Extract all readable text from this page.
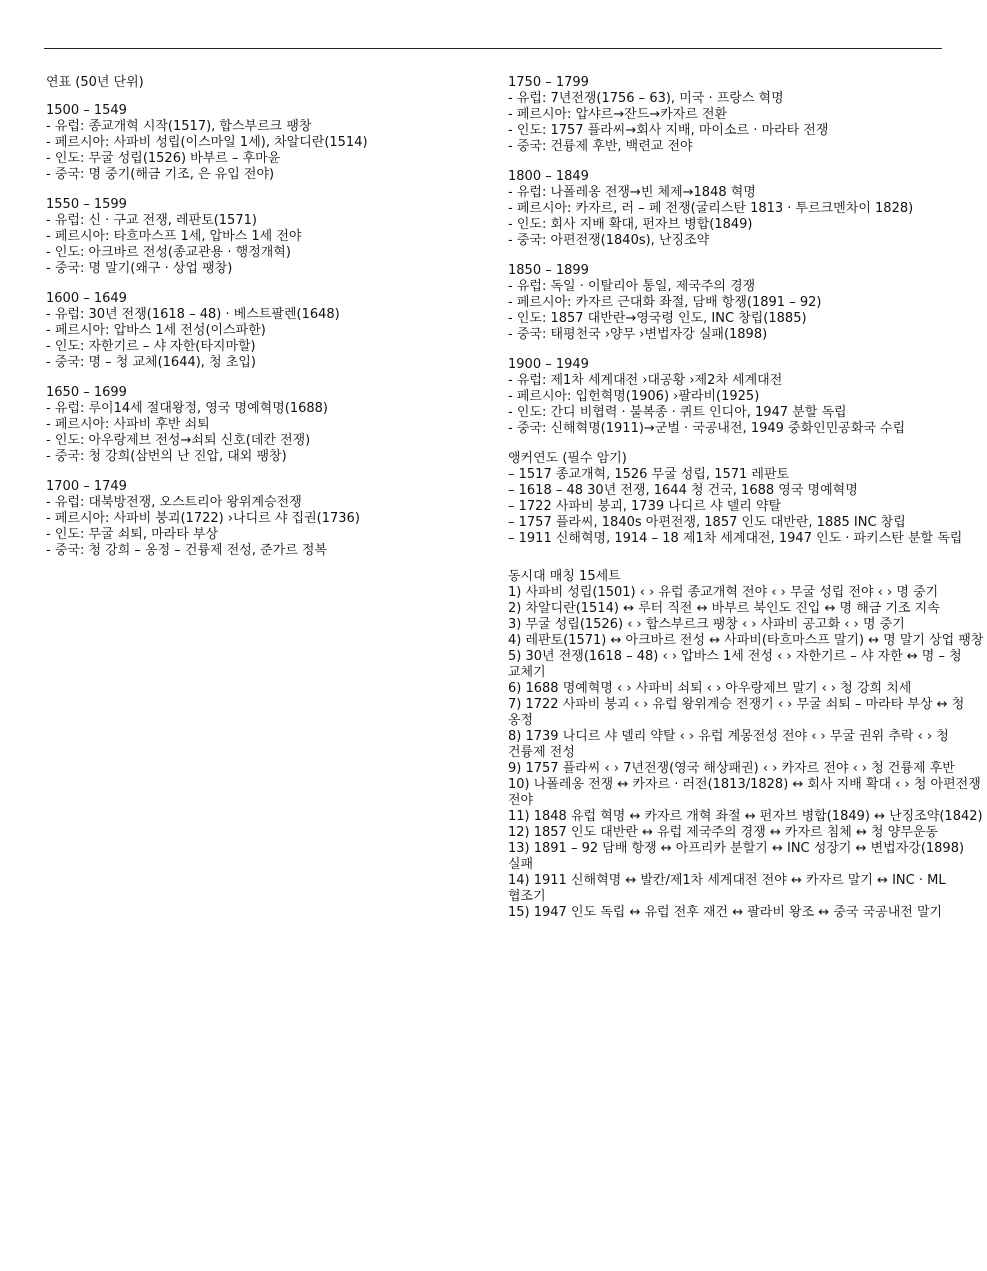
연표 (50년 단위)
1500 – 1549
- 유럽: 종교개혁 시작(1517), 합스부르크 팽창
- 페르시아: 사파비 성립(이스마일 1세), 차알디란(1514)
- 인도: 무굴 성립(1526) 바부르 – 후마윤
- 중국: 명 중기(해금 기조, 은 유입 전야)
1550 – 1599
- 유럽: 신 · 구교 전쟁, 레판토(1571)
- 페르시아: 타흐마스프 1세, 압바스 1세 전야
- 인도: 아크바르 전성(종교관용 · 행정개혁)
- 중국: 명 말기(왜구 · 상업 팽창)
1600 – 1649
- 유럽: 30년 전쟁(1618 – 48) · 베스트팔렌(1648)
- 페르시아: 압바스 1세 전성(이스파한)
- 인도: 자한기르 – 샤 자한(타지마할)
- 중국: 명 – 청 교체(1644), 청 초입)
1650 – 1699
- 유럽: 루이14세 절대왕정, 영국 명예혁명(1688)
- 페르시아: 사파비 후반 쇠퇴
- 인도: 아우랑제브 전성→쇠퇴 신호(데칸 전쟁)
- 중국: 청 강희(삼번의 난 진압, 대외 팽창)
1700 – 1749
- 유럽: 대북방전쟁, 오스트리아 왕위계승전쟁
- 페르시아: 사파비 붕괴(1722) ›나디르 샤 집권(1736)
- 인도: 무굴 쇠퇴, 마라타 부상
- 중국: 청 강희 – 옹정 – 건륭제 전성, 준가르 정복
1750 – 1799
- 유럽: 7년전쟁(1756 – 63), 미국 · 프랑스 혁명
- 페르시아: 압샤르→잔드→카자르 전환
- 인도: 1757 플라씨→회사 지배, 마이소르 · 마라타 전쟁
- 중국: 건륭제 후반, 백련교 전야
1800 – 1849
- 유럽: 나폴레옹 전쟁→빈 체제→1848 혁명
- 페르시아: 카자르, 러 – 페 전쟁(굴리스탄 1813 · 투르크멘차이 1828)
- 인도: 회사 지배 확대, 펀자브 병합(1849)
- 중국: 아편전쟁(1840s), 난징조약
1850 – 1899
- 유럽: 독일 · 이탈리아 통일, 제국주의 경쟁
- 페르시아: 카자르 근대화 좌절, 담배 항쟁(1891 – 92)
- 인도: 1857 대반란→영국령 인도, INC 창립(1885)
- 중국: 태평천국 ›양무 ›변법자강 실패(1898)
1900 – 1949
- 유럽: 제1차 세계대전 ›대공황 ›제2차 세계대전
- 페르시아: 입헌혁명(1906) ›팔라비(1925)
- 인도: 간디 비협력 · 불복종 · 퀴트 인디아, 1947 분할 독립
- 중국: 신해혁명(1911)→군벌 · 국공내전, 1949 중화인민공화국 수립
앵커연도 (필수 암기)
– 1517 종교개혁, 1526 무굴 성립, 1571 레판토
– 1618 – 48 30년 전쟁, 1644 청 건국, 1688 영국 명예혁명
– 1722 사파비 붕괴, 1739 나디르 샤 델리 약탈
– 1757 플라씨, 1840s 아편전쟁, 1857 인도 대반란, 1885 INC 창립
– 1911 신해혁명, 1914 – 18 제1차 세계대전, 1947 인도 · 파키스탄 분할 독립
동시대 매칭 15세트
1) 사파비 성립(1501) ‹ › 유럽 종교개혁 전야 ‹ › 무굴 성립 전야 ‹ › 명 중기
2) 차알디란(1514) ↔ 루터 직전 ↔ 바부르 북인도 진입 ↔ 명 해금 기조 지속
3) 무굴 성립(1526) ‹ › 합스부르크 팽창 ‹ › 사파비 공고화 ‹ › 명 중기
4) 레판토(1571) ↔ 아크바르 전성 ↔ 사파비(타흐마스프 말기) ↔ 명 말기 상업 팽창
5) 30년 전쟁(1618 – 48) ‹ › 압바스 1세 전성 ‹ › 자한기르 – 샤 자한 ↔ 명 – 청 교체기
6) 1688 명예혁명 ‹ › 사파비 쇠퇴 ‹ › 아우랑제브 말기 ‹ › 청 강희 치세
7) 1722 사파비 붕괴 ‹ › 유럽 왕위계승 전쟁기 ‹ › 무굴 쇠퇴 – 마라타 부상 ↔ 청 옹정
8) 1739 나디르 샤 델리 약탈 ‹ › 유럽 계몽전성 전야 ‹ › 무굴 권위 추락 ‹ › 청 건륭제 전성
9) 1757 플라씨 ‹ › 7년전쟁(영국 해상패권) ‹ › 카자르 전야 ‹ › 청 건륭제 후반
10) 나폴레옹 전쟁 ↔ 카자르 · 러전(1813/1828) ↔ 회사 지배 확대 ‹ › 청 아편전쟁 전야
11) 1848 유럽 혁명 ↔ 카자르 개혁 좌절 ↔ 펀자브 병합(1849) ↔ 난징조약(1842)
12) 1857 인도 대반란 ↔ 유럽 제국주의 경쟁 ↔ 카자르 침체 ↔ 청 양무운동
13) 1891 – 92 담배 항쟁 ↔ 아프리카 분할기 ↔ INC 성장기 ↔ 변법자강(1898) 실패
14) 1911 신해혁명 ↔ 발칸/제1차 세계대전 전야 ↔ 카자르 말기 ↔ INC · ML 협조기
15) 1947 인도 독립 ↔ 유럽 전후 재건 ↔ 팔라비 왕조 ↔ 중국 국공내전 말기
